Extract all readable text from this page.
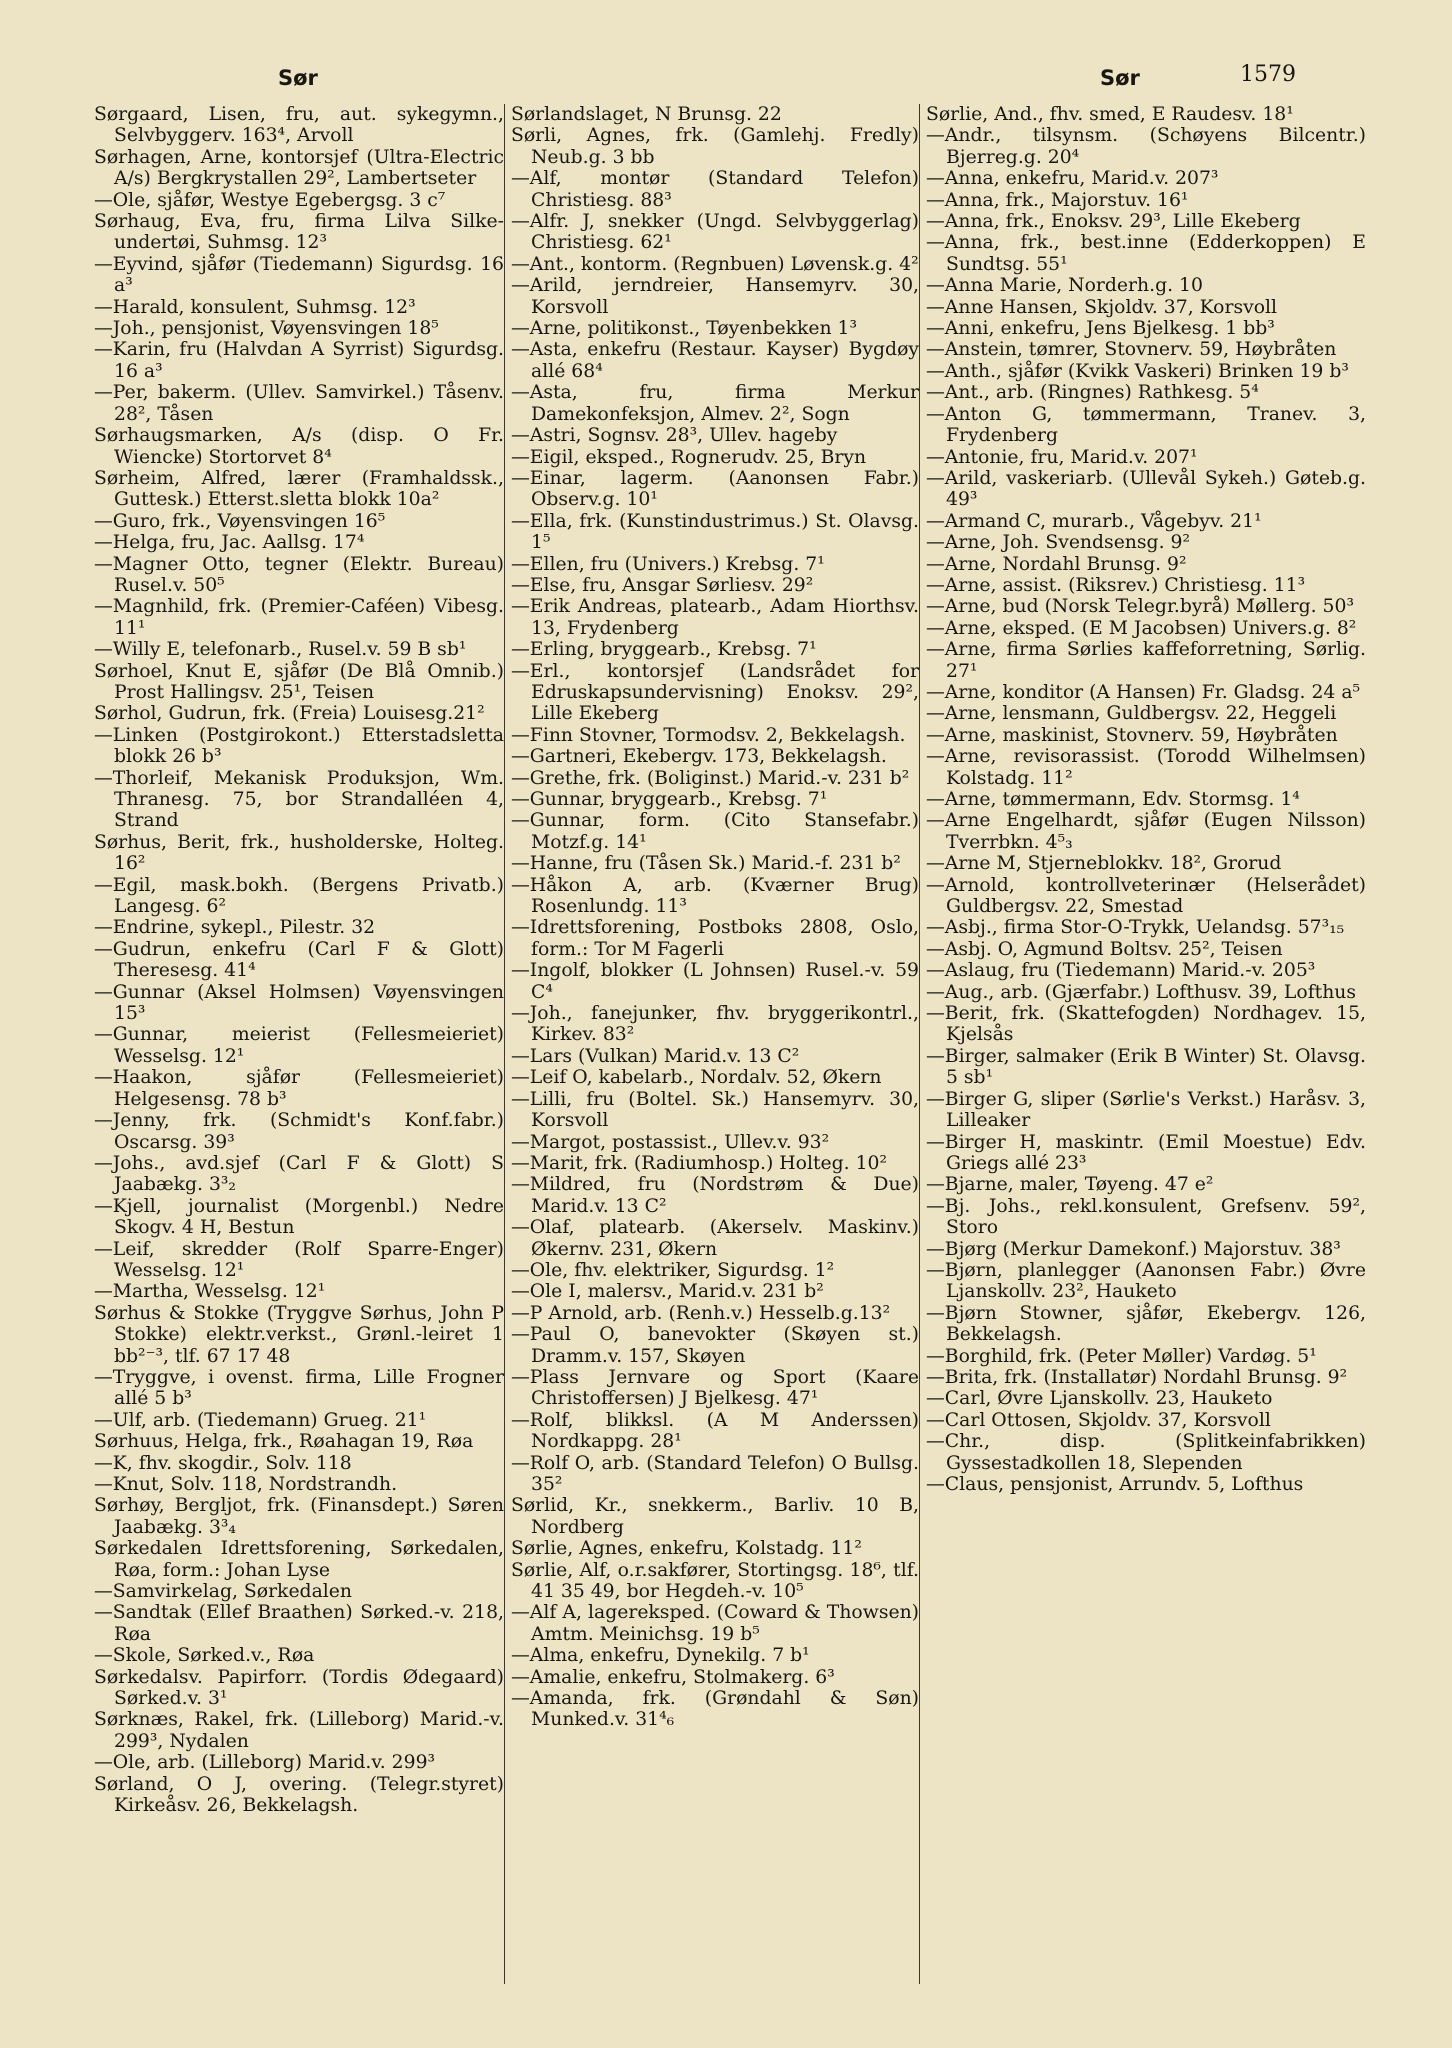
Sør	Sør	1579
Sørgaard, Lisen, fru, aut. sykegymn., Selvbyggerv. 163⁴, Arvoll
Sørhagen, Arne, kontorsjef (Ultra-Electric A/s) Bergkrystallen 29², Lambertseter
—Ole, sjåfør, Westye Egebergsg. 3 c⁷
Sørhaug, Eva, fru, firma Lilva Silke-undertøi, Suhmsg. 12³
—Eyvind, sjåfør (Tiedemann) Sigurdsg. 16 a³
—Harald, konsulent, Suhmsg. 12³
—Joh., pensjonist, Vøyensvingen 18⁵
—Karin, fru (Halvdan A Syrrist) Sigurdsg. 16 a³
—Per, bakerm. (Ullev. Samvirkel.) Tåsenv. 28², Tåsen
Sørhaugsmarken, A/s (disp. O Fr. Wiencke) Stortorvet 8⁴
Sørheim, Alfred, lærer (Framhaldssk., Guttesk.) Etterst.sletta blokk 10a²
—Guro, frk., Vøyensvingen 16⁵
—Helga, fru, Jac. Aallsg. 17⁴
—Magner Otto, tegner (Elektr. Bureau) Rusel.v. 50⁵
—Magnhild, frk. (Premier-Caféen) Vibesg. 11¹
—Willy E, telefonarb., Rusel.v. 59 B sb¹
Sørhoel, Knut E, sjåfør (De Blå Omnib.) Prost Hallingsv. 25¹, Teisen
Sørhol, Gudrun, frk. (Freia) Louisesg.21²
—Linken (Postgirokont.) Etterstadsletta blokk 26 b³
—Thorleif, Mekanisk Produksjon, Wm. Thranesg. 75, bor Strandalléen 4, Strand
Sørhus, Berit, frk., husholderske, Holteg. 16²
—Egil, mask.bokh. (Bergens Privatb.) Langesg. 6²
—Endrine, sykepl., Pilestr. 32
—Gudrun, enkefru (Carl F & Glott) Theresesg. 41⁴
—Gunnar (Aksel Holmsen) Vøyensvingen 15³
—Gunnar, meierist (Fellesmeieriet) Wesselsg. 12¹
—Haakon, sjåfør (Fellesmeieriet) Helgesensg. 78 b³
—Jenny, frk. (Schmidt's Konf.fabr.) Oscarsg. 39³
—Johs., avd.sjef (Carl F & Glott) S Jaabækg. 3³₂
—Kjell, journalist (Morgenbl.) Nedre Skogv. 4 H, Bestun
—Leif, skredder (Rolf Sparre-Enger) Wesselsg. 12¹
—Martha, Wesselsg. 12¹
Sørhus & Stokke (Tryggve Sørhus, John P Stokke) elektr.verkst., Grønl.-leiret 1 bb²⁻³, tlf. 67 17 48
—Tryggve, i ovenst. firma, Lille Frogner allé 5 b³
—Ulf, arb. (Tiedemann) Grueg. 21¹
Sørhuus, Helga, frk., Røahagan 19, Røa
—K, fhv. skogdir., Solv. 118
—Knut, Solv. 118, Nordstrandh.
Sørhøy, Bergljot, frk. (Finansdept.) Søren Jaabækg. 3³₄
Sørkedalen Idrettsforening, Sørkedalen, Røa, form.: Johan Lyse
—Samvirkelag, Sørkedalen
—Sandtak (Ellef Braathen) Sørked.-v. 218, Røa
—Skole, Sørked.v., Røa
Sørkedalsv. Papirforr. (Tordis Ødegaard) Sørked.v. 3¹
Sørknæs, Rakel, frk. (Lilleborg) Marid.-v. 299³, Nydalen
—Ole, arb. (Lilleborg) Marid.v. 299³
Sørland, O J, overing. (Telegr.styret) Kirkeåsv. 26, Bekkelagsh.
Sørlandslaget, N Brunsg. 22
Sørli, Agnes, frk. (Gamlehj. Fredly) Neub.g. 3 bb
—Alf, montør (Standard Telefon) Christiesg. 88³
—Alfr. J, snekker (Ungd. Selvbyggerlag) Christiesg. 62¹
—Ant., kontorm. (Regnbuen) Løvensk.g. 4²
—Arild, jerndreier, Hansemyrv. 30, Korsvoll
—Arne, politikonst., Tøyenbekken 1³
—Asta, enkefru (Restaur. Kayser) Bygdøy allé 68⁴
—Asta, fru, firma Merkur Damekonfeksjon, Almev. 2², Sogn
—Astri, Sognsv. 28³, Ullev. hageby
—Eigil, eksped., Rognerudv. 25, Bryn
—Einar, lagerm. (Aanonsen Fabr.) Observ.g. 10¹
—Ella, frk. (Kunstindustrimus.) St. Olavsg. 1⁵
—Ellen, fru (Univers.) Krebsg. 7¹
—Else, fru, Ansgar Sørliesv. 29²
—Erik Andreas, platearb., Adam Hiorthsv. 13, Frydenberg
—Erling, bryggearb., Krebsg. 7¹
—Erl., kontorsjef (Landsrådet for Edruskapsundervisning) Enoksv. 29², Lille Ekeberg
—Finn Stovner, Tormodsv. 2, Bekkelagsh.
—Gartneri, Ekebergv. 173, Bekkelagsh.
—Grethe, frk. (Boliginst.) Marid.-v. 231 b²
—Gunnar, bryggearb., Krebsg. 7¹
—Gunnar, form. (Cito Stansefabr.) Motzf.g. 14¹
—Hanne, fru (Tåsen Sk.) Marid.-f. 231 b²
—Håkon A, arb. (Kværner Brug) Rosenlundg. 11³
—Idrettsforening, Postboks 2808, Oslo, form.: Tor M Fagerli
—Ingolf, blokker (L Johnsen) Rusel.-v. 59 C⁴
—Joh., fanejunker, fhv. bryggerikontrl., Kirkev. 83²
—Lars (Vulkan) Marid.v. 13 C²
—Leif O, kabelarb., Nordalv. 52, Økern
—Lilli, fru (Boltel. Sk.) Hansemyrv. 30, Korsvoll
—Margot, postassist., Ullev.v. 93²
—Marit, frk. (Radiumhosp.) Holteg. 10²
—Mildred, fru (Nordstrøm & Due) Marid.v. 13 C²
—Olaf, platearb. (Akerselv. Maskinv.) Økernv. 231, Økern
—Ole, fhv. elektriker, Sigurdsg. 1²
—Ole I, malersv., Marid.v. 231 b²
—P Arnold, arb. (Renh.v.) Hesselb.g.13²
—Paul O, banevokter (Skøyen st.) Dramm.v. 157, Skøyen
—Plass Jernvare og Sport (Kaare Christoffersen) J Bjelkesg. 47¹
—Rolf, blikksl. (A M Anderssen) Nordkappg. 28¹
—Rolf O, arb. (Standard Telefon) O Bullsg. 35²
Sørlid, Kr., snekkerm., Barliv. 10 B, Nordberg
Sørlie, Agnes, enkefru, Kolstadg. 11²
Sørlie, Alf, o.r.sakfører, Stortingsg. 18⁶, tlf. 41 35 49, bor Hegdeh.-v. 10⁵
—Alf A, lagereksped. (Coward & Thowsen) Amtm. Meinichsg. 19 b⁵
—Alma, enkefru, Dynekilg. 7 b¹
—Amalie, enkefru, Stolmakerg. 6³
—Amanda, frk. (Grøndahl & Søn) Munked.v. 31⁴₆
Sørlie, And., fhv. smed, E Raudesv. 18¹
—Andr., tilsynsm. (Schøyens Bilcentr.) Bjerreg.g. 20⁴
—Anna, enkefru, Marid.v. 207³
—Anna, frk., Majorstuv. 16¹
—Anna, frk., Enoksv. 29³, Lille Ekeberg
—Anna, frk., best.inne (Edderkoppen) E Sundtsg. 55¹
—Anna Marie, Norderh.g. 10
—Anne Hansen, Skjoldv. 37, Korsvoll
—Anni, enkefru, Jens Bjelkesg. 1 bb³
—Anstein, tømrer, Stovnerv. 59, Høybråten
—Anth., sjåfør (Kvikk Vaskeri) Brinken 19 b³
—Ant., arb. (Ringnes) Rathkesg. 5⁴
—Anton G, tømmermann, Tranev. 3, Frydenberg
—Antonie, fru, Marid.v. 207¹
—Arild, vaskeriarb. (Ullevål Sykeh.) Gøteb.g. 49³
—Armand C, murarb., Vågebyv. 21¹
—Arne, Joh. Svendsensg. 9²
—Arne, Nordahl Brunsg. 9²
—Arne, assist. (Riksrev.) Christiesg. 11³
—Arne, bud (Norsk Telegr.byrå) Møllerg. 50³
—Arne, eksped. (E M Jacobsen) Univers.g. 8²
—Arne, firma Sørlies kaffeforretning, Sørlig. 27¹
—Arne, konditor (A Hansen) Fr. Gladsg. 24 a⁵
—Arne, lensmann, Guldbergsv. 22, Heggeli
—Arne, maskinist, Stovnerv. 59, Høybråten
—Arne, revisorassist. (Torodd Wilhelmsen) Kolstadg. 11²
—Arne, tømmermann, Edv. Stormsg. 1⁴
—Arne Engelhardt, sjåfør (Eugen Nilsson) Tverrbkn. 4⁵₃
—Arne M, Stjerneblokkv. 18², Grorud
—Arnold, kontrollveterinær (Helserådet) Guldbergsv. 22, Smestad
—Asbj., firma Stor-O-Trykk, Uelandsg. 57³₁₅
—Asbj. O, Agmund Boltsv. 25², Teisen
—Aslaug, fru (Tiedemann) Marid.-v. 205³
—Aug., arb. (Gjærfabr.) Lofthusv. 39, Lofthus
—Berit, frk. (Skattefogden) Nordhagev. 15, Kjelsås
—Birger, salmaker (Erik B Winter) St. Olavsg. 5 sb¹
—Birger G, sliper (Sørlie's Verkst.) Haråsv. 3, Lilleaker
—Birger H, maskintr. (Emil Moestue) Edv. Griegs allé 23³
—Bjarne, maler, Tøyeng. 47 e²
—Bj. Johs., rekl.konsulent, Grefsenv. 59², Storo
—Bjørg (Merkur Damekonf.) Majorstuv. 38³
—Bjørn, planlegger (Aanonsen Fabr.) Øvre Ljanskollv. 23², Hauketo
—Bjørn Stowner, sjåfør, Ekebergv. 126, Bekkelagsh.
—Borghild, frk. (Peter Møller) Vardøg. 5¹
—Brita, frk. (Installatør) Nordahl Brunsg. 9²
—Carl, Øvre Ljanskollv. 23, Hauketo
—Carl Ottosen, Skjoldv. 37, Korsvoll
—Chr., disp. (Splitkeinfabrikken) Gyssestadkollen 18, Slependen
—Claus, pensjonist, Arrundv. 5, Lofthus
